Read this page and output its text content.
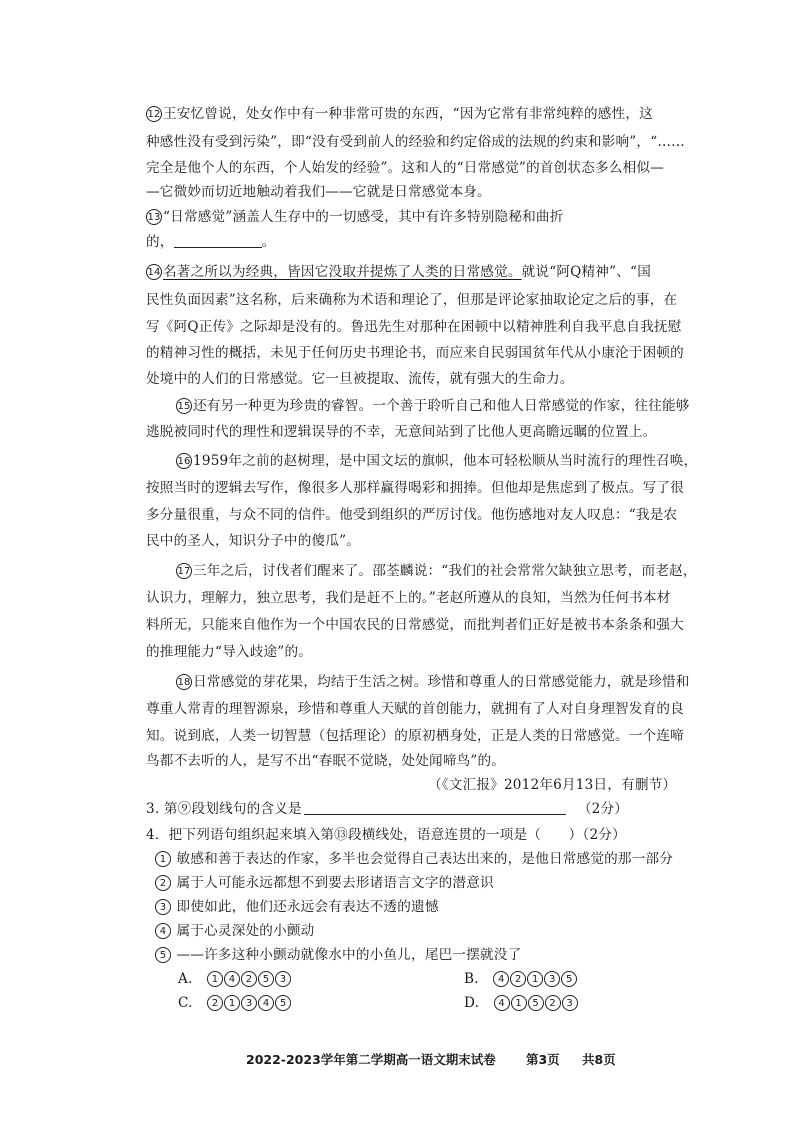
12 王安忆曾说，处女作中有一种非常可贵的东西，“因为它常有非常纯粹的感性，这
种感性没有受到污染”，即“没有受到前人的经验和约定俗成的法规的约束和影响”，“……
完全是他个人的东西，个人始发的经验”。这和人的“日常感觉”的首创状态多么相似—
—它微妙而切近地触动着我们——它就是日常感觉本身。
13 “日常感觉”涵盖人生存中的一切感受，其中有许多特别隐秘和曲折
的，	。
14 名著之所以为经典，皆因它没取并提炼了人类的日常感觉。就说“阿Q精神”、“国
民性负面因素”这名称，后来确称为术语和理论了，但那是评论家抽取论定之后的事，在
写《阿Q正传》之际却是没有的。鲁迅先生对那种在困顿中以精神胜利自我平息自我抚慰
的精神习性的概括，未见于任何历史书理论书，而应来自民弱国贫年代从小康沦于困顿的
处境中的人们的日常感觉。它一旦被提取、流传，就有强大的生命力。
15 还有另一种更为珍贵的睿智。一个善于聆听自己和他人日常感觉的作家，往往能够
逃脱被同时代的理性和逻辑误导的不幸，无意间站到了比他人更高瞻远瞩的位置上。
16 1959年之前的赵树理，是中国文坛的旗帜，他本可轻松顺从当时流行的理性召唤，
按照当时的逻辑去写作，像很多人那样赢得喝彩和拥捧。但他却是焦虑到了极点。写了很
多分量很重，与众不同的信件。他受到组织的严厉讨伐。他伤感地对友人叹息：“我是农
民中的圣人，知识分子中的傻瓜”。
17 三年之后，讨伐者们醒来了。邵荃麟说：“我们的社会常常欠缺独立思考，而老赵，
认识力，理解力，独立思考，我们是赶不上的。”老赵所遵从的良知，当然为任何书本材
料所无，只能来自他作为一个中国农民的日常感觉，而批判者们正好是被书本条条和强大
的推理能力“导入歧途”的。
18 日常感觉的芽花果，均结于生活之树。珍惜和尊重人的日常感觉能力，就是珍惜和
尊重人常青的理智源泉，珍惜和尊重人天赋的首创能力，就拥有了人对自身理智发育的良
知。说到底，人类一切智慧（包括理论）的原初栖身处，正是人类的日常感觉。一个连啼
鸟都不去听的人，是写不出“春眠不觉晓，处处闻啼鸟”的。
（《文汇报》2012年6月13日，有删节）
3. 第⑨段划线句的含义是	（2分）
4．把下列语句组织起来填入第⑬段横线处，语意连贯的一项是（　　）（2分）
1 敏感和善于表达的作家，多半也会觉得自己表达出来的，是他日常感觉的那一部分
2 属于人可能永远都想不到要去形诸语言文字的潜意识
3 即使如此，他们还永远会有表达不透的遗憾
4 属于心灵深处的小颤动
5 ——许多这种小颤动就像水中的小鱼儿，尾巴一摆就没了
A. 1 4 2 5 3	B. 4 2 1 3 5
C. 2 1 3 4 5	D. 4 1 5 2 3
2022-2023学年第二学期高一语文期末试卷 第3页 共8页
